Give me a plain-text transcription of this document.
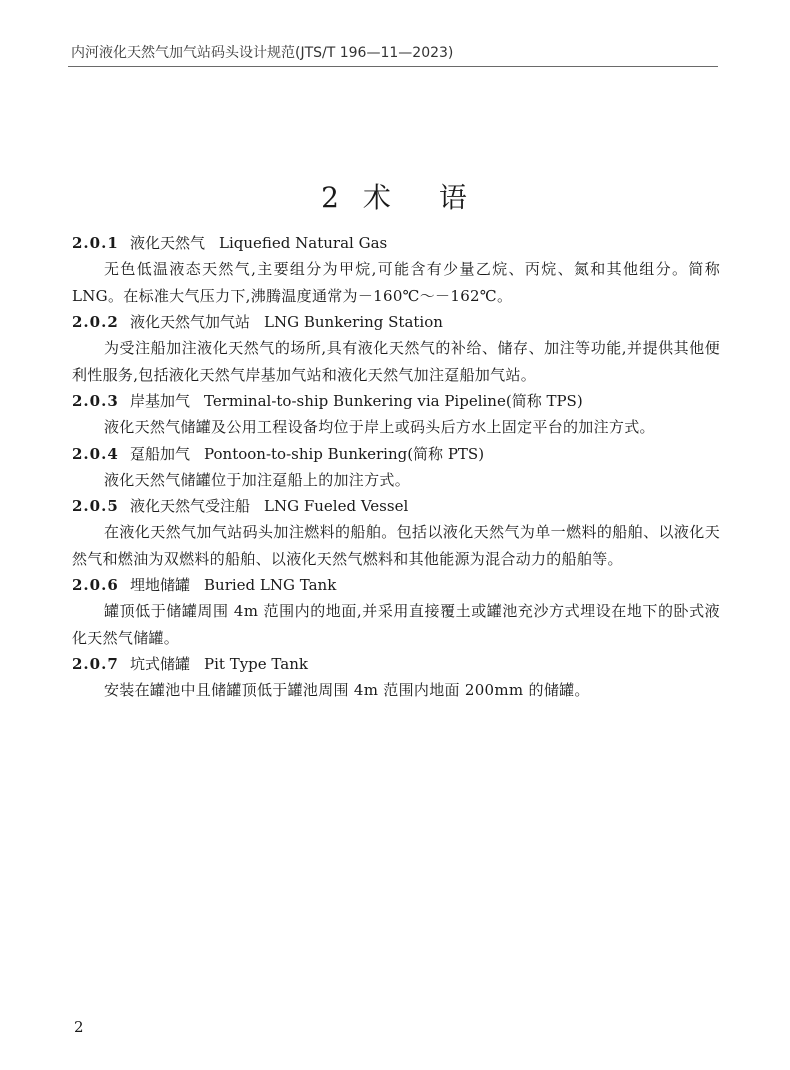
内河液化天然气加气站码头设计规范(JTS/T 196—11—2023)
2 术 语
2.0.1 液化天然气 Liquefied Natural Gas

无色低温液态天然气,主要组分为甲烷,可能含有少量乙烷、丙烷、氮和其他组分。简称 LNG。在标准大气压力下,沸腾温度通常为－160℃～－162℃。

2.0.2 液化天然气加气站 LNG Bunkering Station

为受注船加注液化天然气的场所,具有液化天然气的补给、储存、加注等功能,并提供其他便利性服务,包括液化天然气岸基加气站和液化天然气加注趸船加气站。

2.0.3 岸基加气 Terminal-to-ship Bunkering via Pipeline(简称 TPS)

液化天然气储罐及公用工程设备均位于岸上或码头后方水上固定平台的加注方式。

2.0.4 趸船加气 Pontoon-to-ship Bunkering(简称 PTS)

液化天然气储罐位于加注趸船上的加注方式。

2.0.5 液化天然气受注船 LNG Fueled Vessel

在液化天然气加气站码头加注燃料的船舶。包括以液化天然气为单一燃料的船舶、以液化天然气和燃油为双燃料的船舶、以液化天然气燃料和其他能源为混合动力的船舶等。

2.0.6 埋地储罐 Buried LNG Tank

罐顶低于储罐周围 4m 范围内的地面,并采用直接覆土或罐池充沙方式埋设在地下的卧式液化天然气储罐。

2.0.7 坑式储罐 Pit Type Tank

安装在罐池中且储罐顶低于罐池周围 4m 范围内地面 200mm 的储罐。

2
